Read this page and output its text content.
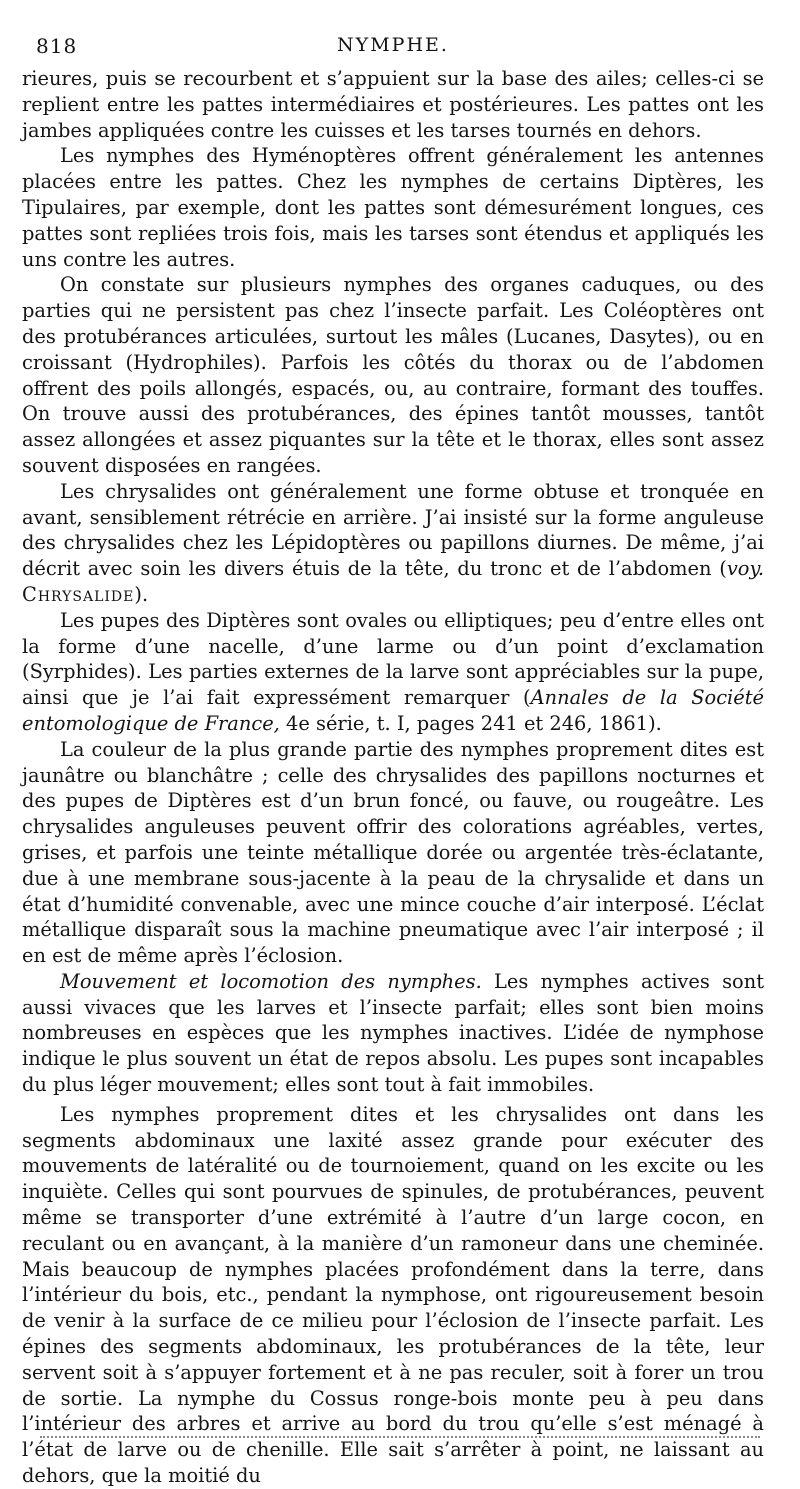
818	NYMPHE.

rieures, puis se recourbent et s’appuient sur la base des ailes; celles-ci se replient entre les pattes intermédiaires et postérieures. Les pattes ont les jambes appliquées contre les cuisses et les tarses tournés en dehors.

Les nymphes des Hyménoptères offrent généralement les antennes placées entre les pattes. Chez les nymphes de certains Diptères, les Tipulaires, par exemple, dont les pattes sont démesurément longues, ces pattes sont repliées trois fois, mais les tarses sont étendus et appliqués les uns contre les autres.

On constate sur plusieurs nymphes des organes caduques, ou des parties qui ne persistent pas chez l’insecte parfait. Les Coléoptères ont des protubérances articulées, surtout les mâles (Lucanes, Dasytes), ou en croissant (Hydrophiles). Parfois les côtés du thorax ou de l’abdomen offrent des poils allongés, espacés, ou, au contraire, formant des touffes. On trouve aussi des protubérances, des épines tantôt mousses, tantôt assez allongées et assez piquantes sur la tête et le thorax, elles sont assez souvent disposées en rangées.

Les chrysalides ont généralement une forme obtuse et tronquée en avant, sensiblement rétrécie en arrière. J’ai insisté sur la forme anguleuse des chrysalides chez les Lépidoptères ou papillons diurnes. De même, j’ai décrit avec soin les divers étuis de la tête, du tronc et de l’abdomen (voy. Chrysalide).

Les pupes des Diptères sont ovales ou elliptiques; peu d’entre elles ont la forme d’une nacelle, d’une larme ou d’un point d’exclamation (Syrphides). Les parties externes de la larve sont appréciables sur la pupe, ainsi que je l’ai fait expressément remarquer (Annales de la Société entomologique de France, 4e série, t. I, pages 241 et 246, 1861).

La couleur de la plus grande partie des nymphes proprement dites est jaunâtre ou blanchâtre ; celle des chrysalides des papillons nocturnes et des pupes de Diptères est d’un brun foncé, ou fauve, ou rougeâtre. Les chrysalides anguleuses peuvent offrir des colorations agréables, vertes, grises, et parfois une teinte métallique dorée ou argentée très-éclatante, due à une membrane sous-jacente à la peau de la chrysalide et dans un état d’humidité convenable, avec une mince couche d’air interposé. L’éclat métallique disparaît sous la machine pneumatique avec l’air interposé ; il en est de même après l’éclosion.

Mouvement et locomotion des nymphes. Les nymphes actives sont aussi vivaces que les larves et l’insecte parfait; elles sont bien moins nombreuses en espèces que les nymphes inactives. L’idée de nymphose indique le plus souvent un état de repos absolu. Les pupes sont incapables du plus léger mouvement; elles sont tout à fait immobiles.

Les nymphes proprement dites et les chrysalides ont dans les segments abdominaux une laxité assez grande pour exécuter des mouvements de latéralité ou de tournoiement, quand on les excite ou les inquiète. Celles qui sont pourvues de spinules, de protubérances, peuvent même se transporter d’une extrémité à l’autre d’un large cocon, en reculant ou en avançant, à la manière d’un ramoneur dans une cheminée. Mais beaucoup de nymphes placées profondément dans la terre, dans l’intérieur du bois, etc., pendant la nymphose, ont rigoureusement besoin de venir à la surface de ce milieu pour l’éclosion de l’insecte parfait. Les épines des segments abdominaux, les protubérances de la tête, leur servent soit à s’appuyer fortement et à ne pas reculer, soit à forer un trou de sortie. La nymphe du Cossus ronge-bois monte peu à peu dans l’intérieur des arbres et arrive au bord du trou qu’elle s’est ménagé à l’état de larve ou de chenille. Elle sait s’arrêter à point, ne laissant au dehors, que la moitié du
